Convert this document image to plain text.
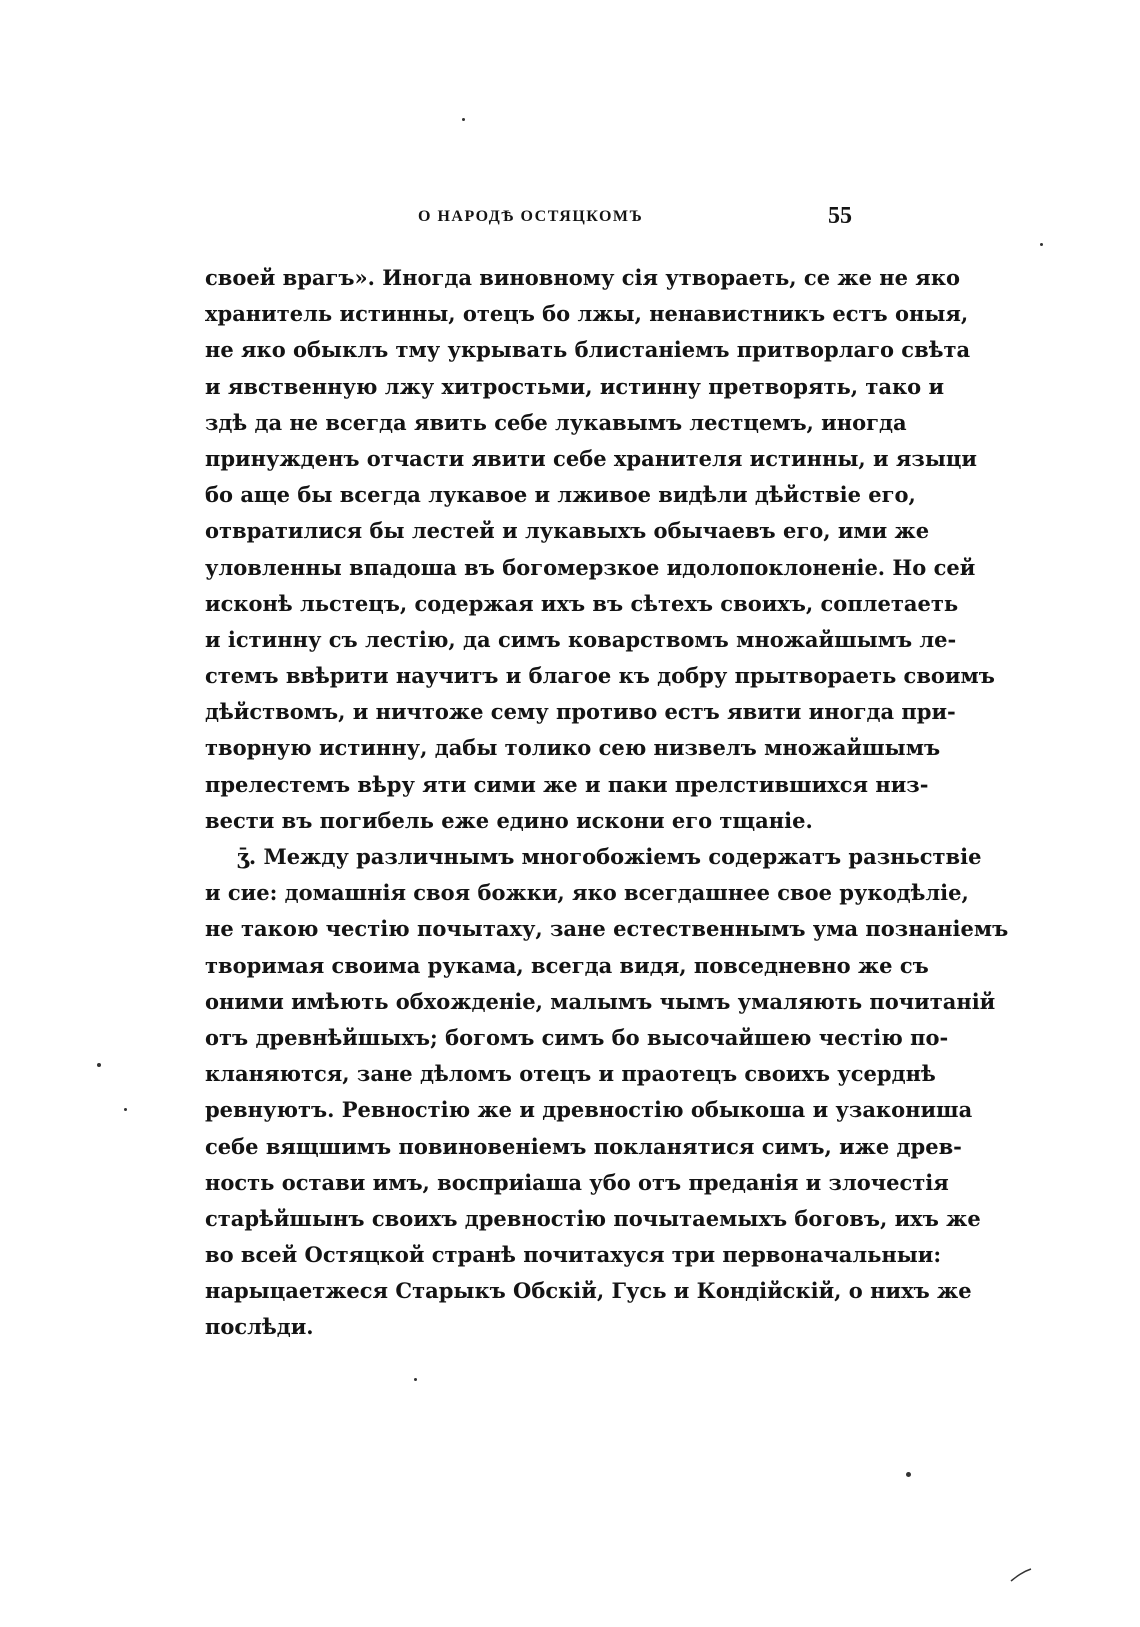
О НАРОДѢ ОСТЯЦКОМЪ	55
своей врагъ». Иногда виновному сія утвораеть, се же не яко
хранитель истинны, отецъ бо лжы, ненавистникъ естъ оныя,
не яко обыклъ тму укрывать блистаніемъ притворлаго свѣта
и явственную лжу хитростьми, истинну претворять, тако и
здѣ да не всегда явить себе лукавымъ лестцемъ, иногда
принужденъ отчасти явити себе хранителя истинны, и языци
бо аще бы всегда лукавое и лживое видѣли дѣйствіе его,
отвратилися бы лестей и лукавыхъ обычаевъ его, ими же
уловленны впадоша въ богомерзкое идолопоклоненіе. Но сей
исконѣ льстецъ, содержая ихъ въ сѣтехъ своихъ, соплетаеть
и істинну съ лестію, да симъ коварствомъ множайшымъ ле-
стемъ ввѣрити научитъ и благое къ добру прытвораеть своимъ
дѣйствомъ, и ничтоже сему противо естъ явити иногда при-
творную истинну, дабы толико сею низвелъ множайшымъ
прелестемъ вѣру яти сими же и паки прелстившихся низ-
вести въ погибель еже едино искони его тщаніе.
ʒ̄. Между различнымъ многобожіемъ содержатъ разньствіе
и сие: домашнія своя божки, яко всегдашнее свое рукодѣліе,
не такою честію почытаху, зане естественнымъ ума познаніемъ
творимая своима рукама, всегда видя, повседневно же съ
оними имѣють обхожденіе, малымъ чымъ умаляють почитаній
отъ древнѣйшыхъ; богомъ симъ бо высочайшею честію по-
кланяются, зане дѣломъ отецъ и праотецъ своихъ усерднѣ
ревнуютъ. Ревностію же и древностію обыкоша и узакониша
себе вящшимъ повиновеніемъ покланятися симъ, иже древ-
ность остави имъ, восприіаша убо отъ преданія и злочестія
старѣйшынъ своихъ древностію почытаемыхъ боговъ, ихъ же
во всей Остяцкой странѣ почитахуся три первоначальныи:
нарыцаетжеся Старыкъ Обскій, Гусь и Кондійскій, о нихъ же
послѣди.
